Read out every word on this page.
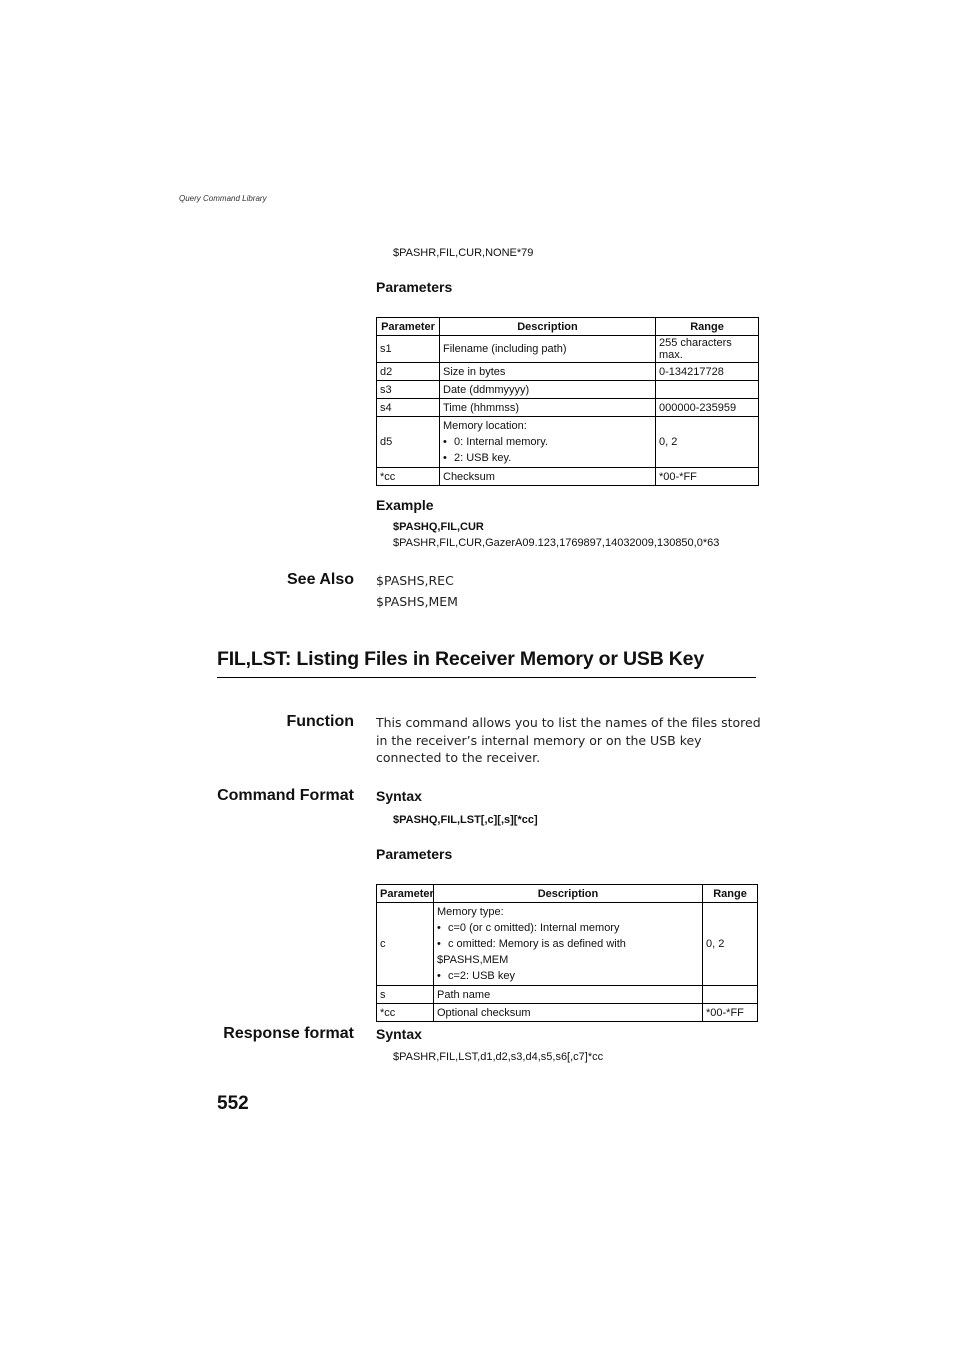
Query Command Library
$PASHR,FIL,CUR,NONE*79
Parameters
Parameter	Description	Range
s1	Filename (including path)	255 characters max.
d2	Size in bytes	0-134217728
s3	Date (ddmmyyyy)	
s4	Time (hhmmss)	000000-235959
d5	Memory location:
• 0: Internal memory.
• 2: USB key.	0, 2
*cc	Checksum	*00-*FF
Example
$PASHQ,FIL,CUR
$PASHR,FIL,CUR,GazerA09.123,1769897,14032009,130850,0*63
See Also $PASHS,REC
$PASHS,MEM
FIL,LST: Listing Files in Receiver Memory or USB Key
Function This command allows you to list the names of the files stored
in the receiver’s internal memory or on the USB key
connected to the receiver.
Command Format Syntax
$PASHQ,FIL,LST[,c][,s][*cc]
Parameters
Parameter	Description	Range
c	Memory type:
• c=0 (or c omitted): Internal memory
• c omitted: Memory is as defined with $PASHS,MEM
• c=2: USB key	0, 2
s	Path name	
*cc	Optional checksum	*00-*FF
Response format Syntax
$PASHR,FIL,LST,d1,d2,s3,d4,s5,s6[,c7]*cc
552
